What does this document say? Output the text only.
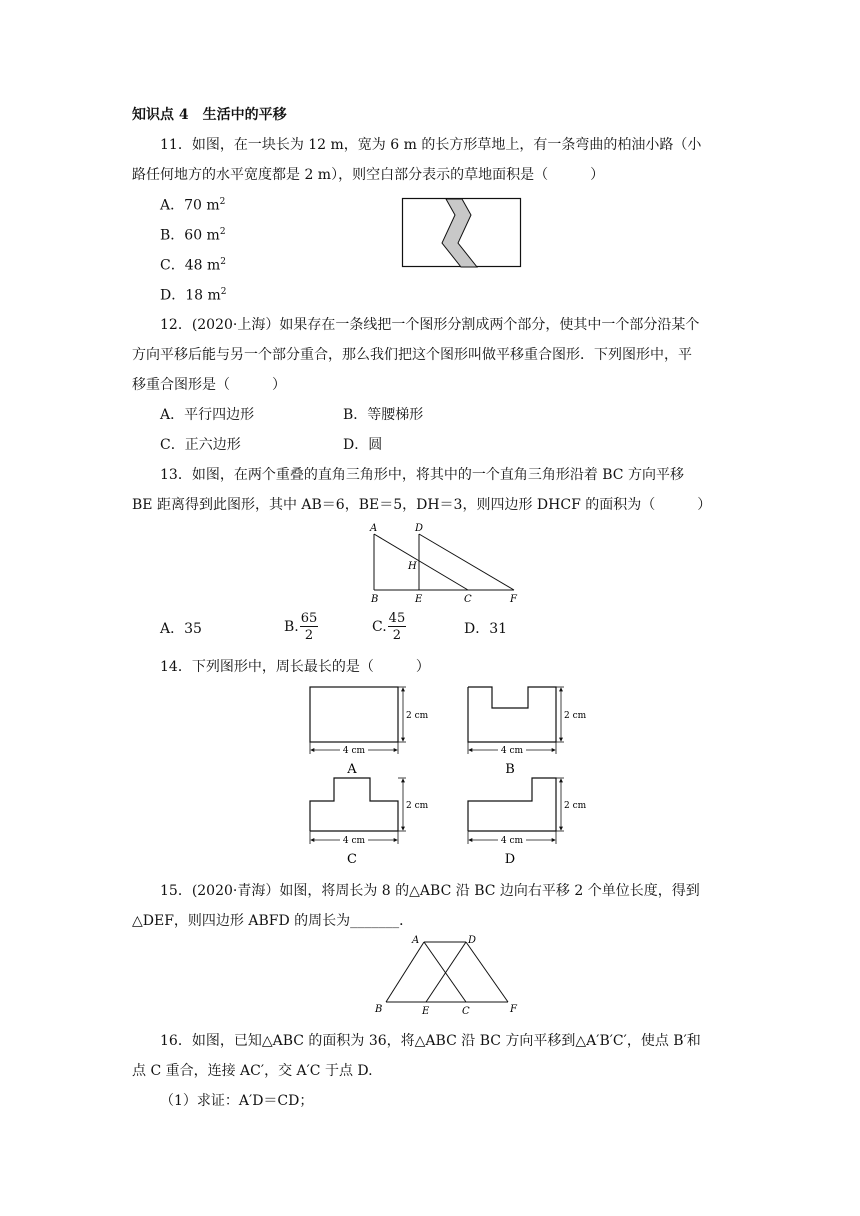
知识点 4　生活中的平移
11．如图，在一块长为 12 m，宽为 6 m 的长方形草地上，有一条弯曲的柏油小路（小
路任何地方的水平宽度都是 2 m），则空白部分表示的草地面积是（　　　）
A．70 $m^2$
B．60 $m^2$
C．48 $m^2$
D．18 $m^2$
12．(2020·上海）如果存在一条线把一个图形分割成两个部分，使其中一个部分沿某个
方向平移后能与另一个部分重合，那么我们把这个图形叫做平移重合图形．下列图形中，平
移重合图形是（　　　）
A．平行四边形	B．等腰梯形
C．正六边形	D．圆
13．如图，在两个重叠的直角三角形中，将其中的一个直角三角形沿着 BC 方向平移
BE 距离得到此图形，其中 AB＝6，BE＝5，DH＝3，则四边形 DHCF 的面积为（　　　）
A	D
H
B	E	C	F
A．35	B. $\frac{65}{2}$	C. $\frac{45}{2}$	D．31
14．下列图形中，周长最长的是（　　　）
2 cm
4 cm
A
2 cm
4 cm
B
2 cm
4 cm
C
2 cm
4 cm
D
15．(2020·青海）如图，将周长为 8 的△ABC 沿 BC 边向右平移 2 个单位长度，得到
△DEF，则四边形 ABFD 的周长为_______．
A	D
B	E	C	F
16．如图，已知△ABC 的面积为 36，将△ABC 沿 BC 方向平移到△A′B′C′，使点 B′和
点 C 重合，连接 AC′，交 A′C 于点 D.
（1）求证：A′D＝CD；
